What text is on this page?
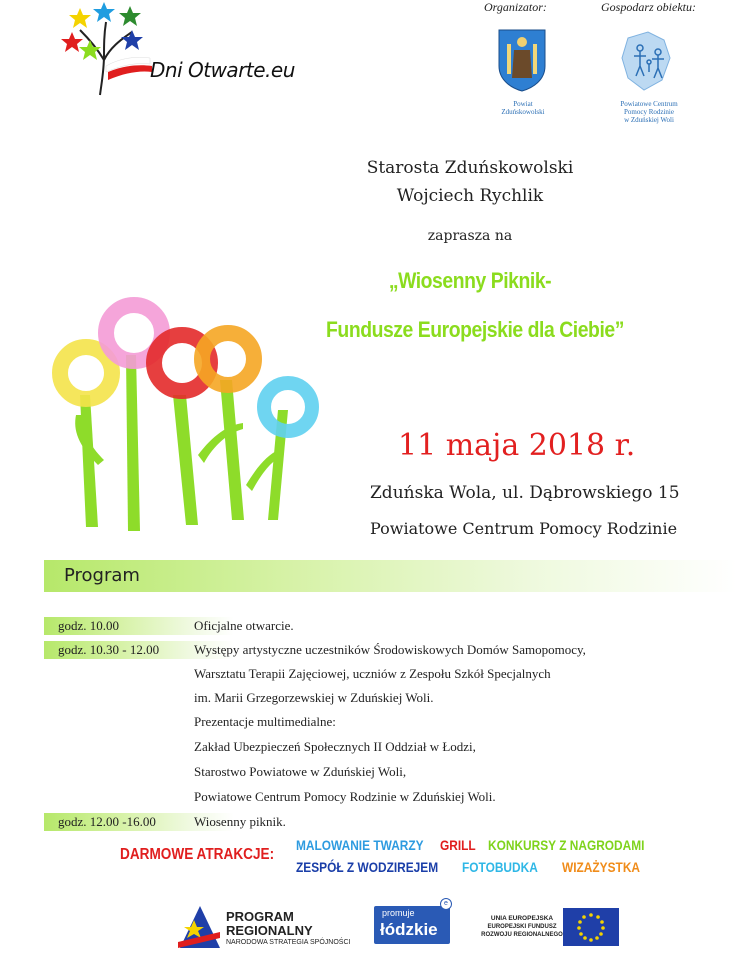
Dni Otwarte.eu
Organizator:	Gospodarz obiektu:
Powiat
Zduńskowolski
Powiatowe Centrum
Pomocy Rodzinie
w Zduńskiej Woli
Starosta Zduńskowolski
Wojciech Rychlik
zaprasza na
„Wiosenny Piknik-
Fundusze Europejskie dla Ciebie”
11 maja 2018 r.
Zduńska Wola, ul. Dąbrowskiego 15
Powiatowe Centrum Pomocy Rodzinie
Program
godz. 10.00	Oficjalne otwarcie.
godz. 10.30 - 12.00	Występy artystyczne uczestników Środowiskowych Domów Samopomocy,
Warsztatu Terapii Zajęciowej, uczniów z Zespołu Szkół Specjalnych
im. Marii Grzegorzewskiej w Zduńskiej Woli.
Prezentacje multimedialne:
Zakład Ubezpieczeń Społecznych II Oddział w Łodzi,
Starostwo Powiatowe w Zduńskiej Woli,
Powiatowe Centrum Pomocy Rodzinie w Zduńskiej Woli.
godz. 12.00 -16.00	Wiosenny piknik.
DARMOWE ATRAKCJE:
MALOWANIE TWARZY GRILL KONKURSY Z NAGRODAMI
ZESPÓŁ Z WODZIREJEM FOTOBUDKA WIZAŻYSTKA
PROGRAM
REGIONALNY
NARODOWA STRATEGIA SPÓJNOŚCI
promuje
łódzkie
e
UNIA EUROPEJSKA
EUROPEJSKI FUNDUSZ
ROZWOJU REGIONALNEGO
